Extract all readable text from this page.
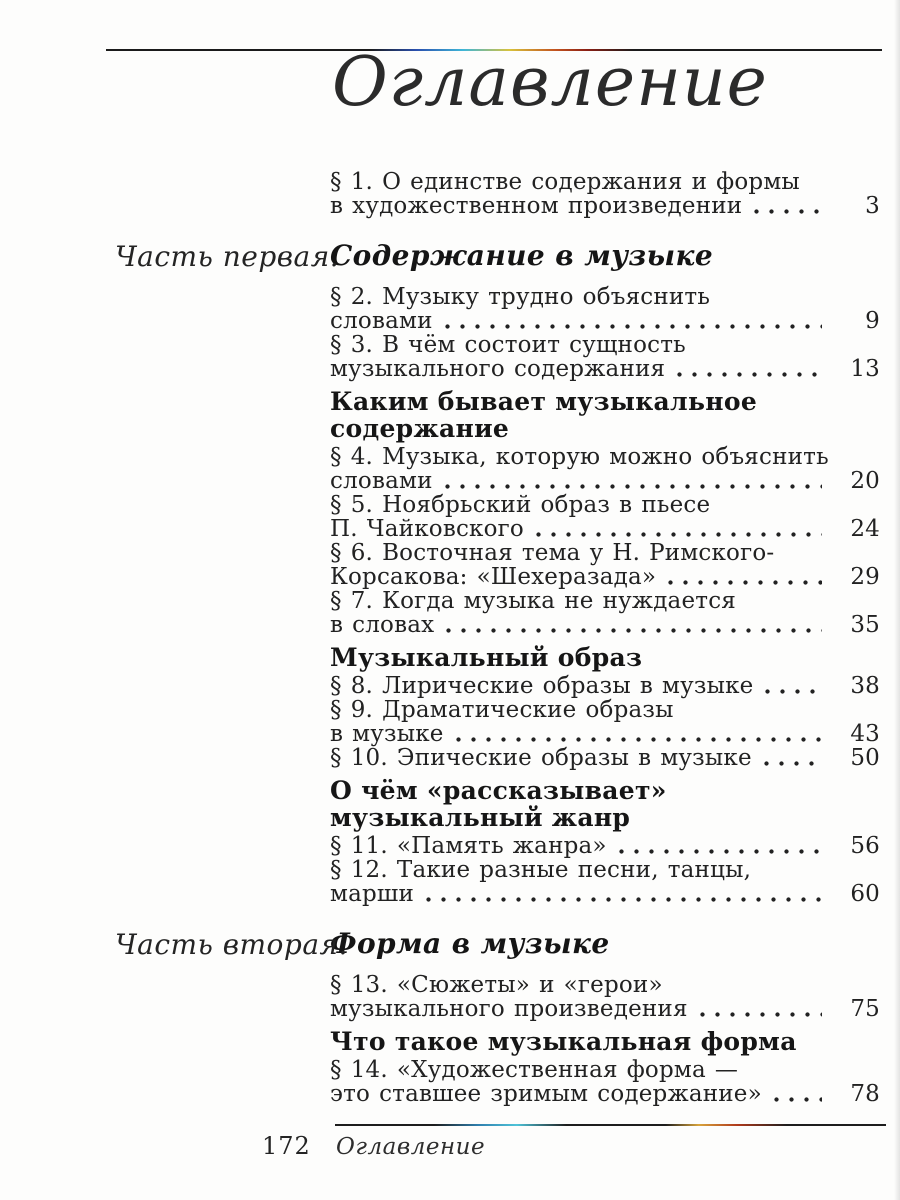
Оглавление
§ 1. О единстве содержания и формы
в художественном произведении	3
Часть первая.
Содержание в музыке
§ 2. Музыку трудно объяснить
словами	9
§ 3. В чём состоит сущность
музыкального содержания	13
Каким бывает музыкальное
содержание
§ 4. Музыка, которую можно объяснить
словами	20
§ 5. Ноябрьский образ в пьесе
П. Чайковского	24
§ 6. Восточная тема у Н. Римского-
Корсакова: «Шехеразада»	29
§ 7. Когда музыка не нуждается
в словах	35
Музыкальный образ
§ 8. Лирические образы в музыке	38
§ 9. Драматические образы
в музыке	43
§ 10. Эпические образы в музыке	50
О чём «рассказывает»
музыкальный жанр
§ 11. «Память жанра»	56
§ 12. Такие разные песни, танцы,
марши	60
Часть вторая.
Форма в музыке
§ 13. «Сюжеты» и «герои»
музыкального произведения	75
Что такое музыкальная форма
§ 14. «Художественная форма —
это ставшее зримым содержание»	78
172 Оглавление
